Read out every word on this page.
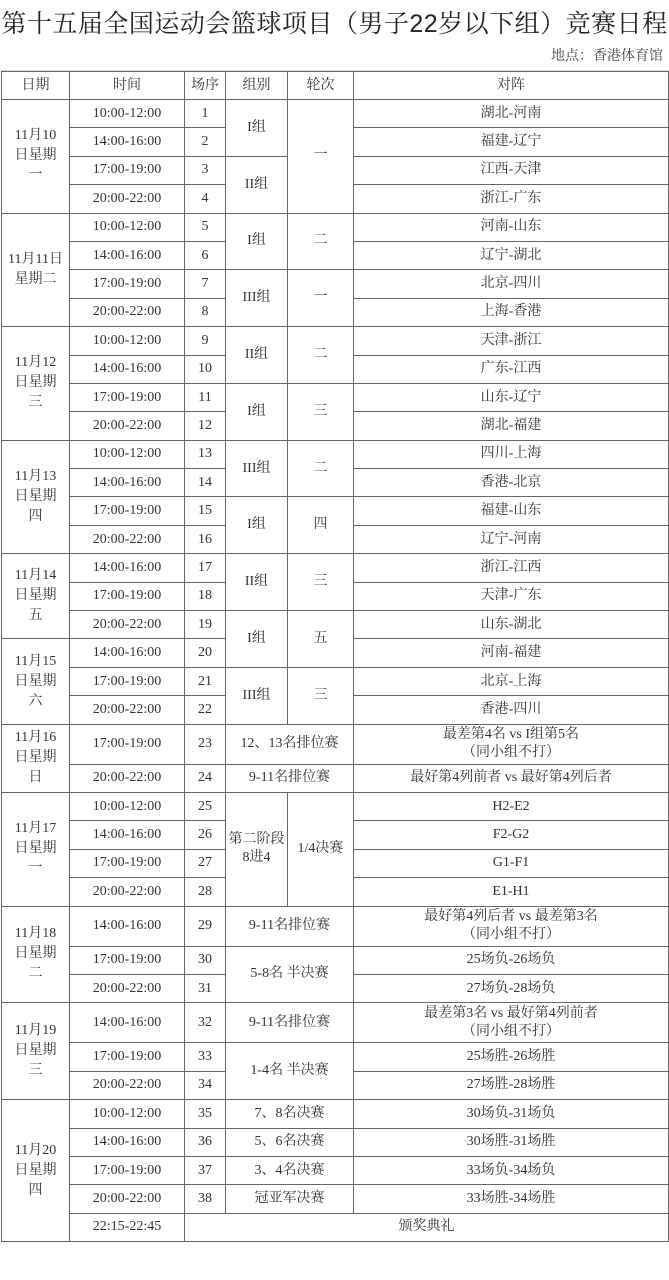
第十五届全国运动会篮球项目（男子22岁以下组）竞赛日程
地点：香港体育馆
日期	时间	场序	组别	轮次	对阵
11月10日星期一	10:00-12:00	1	I组	一	湖北-河南

	14:00-16:00	2			福建-辽宁

	17:00-19:00	3	II组		江西-天津

	20:00-22:00	4			浙江-广东

11月11日星期二	10:00-12:00	5	I组	二	河南-山东

	14:00-16:00	6			辽宁-湖北

	17:00-19:00	7	III组	一	北京-四川

	20:00-22:00	8			上海-香港

11月12日星期三	10:00-12:00	9	II组	二	天津-浙江

	14:00-16:00	10			广东-江西

	17:00-19:00	11	I组	三	山东-辽宁

	20:00-22:00	12			湖北-福建

11月13日星期四	10:00-12:00	13	III组	二	四川-上海

	14:00-16:00	14			香港-北京

	17:00-19:00	15	I组	四	福建-山东

	20:00-22:00	16			辽宁-河南

11月14日星期五	14:00-16:00	17	II组	三	浙江-江西

	17:00-19:00	18			天津-广东

	20:00-22:00	19	I组	五	山东-湖北

11月15日星期六	14:00-16:00	20			河南-福建

	17:00-19:00	21	III组	三	北京-上海

	20:00-22:00	22			香港-四川

11月16日星期日	17:00-19:00	23	12、13名排位赛		最差第4名 vs I组第5名
（同小组不打）

	20:00-22:00	24	9-11名排位赛		最好第4列前者 vs 最好第4列后者

11月17日星期一	10:00-12:00	25	第二阶段8进4	1/4决赛	H2-E2

	14:00-16:00	26			F2-G2

	17:00-19:00	27			G1-F1

	20:00-22:00	28			E1-H1

11月18日星期二	14:00-16:00	29	9-11名排位赛		最好第4列后者 vs 最差第3名
（同小组不打）

	17:00-19:00	30	5-8名 半决赛		25场负-26场负

	20:00-22:00	31			27场负-28场负

11月19日星期三	14:00-16:00	32	9-11名排位赛		最差第3名 vs 最好第4列前者
（同小组不打）

	17:00-19:00	33	1-4名 半决赛		25场胜-26场胜

	20:00-22:00	34			27场胜-28场胜

11月20日星期四	10:00-12:00	35	7、8名决赛		30场负-31场负

	14:00-16:00	36	5、6名决赛		30场胜-31场胜

	17:00-19:00	37	3、4名决赛		33场负-34场负

	20:00-22:00	38	冠亚军决赛		33场胜-34场胜

	22:15-22:45	颁奖典礼			
